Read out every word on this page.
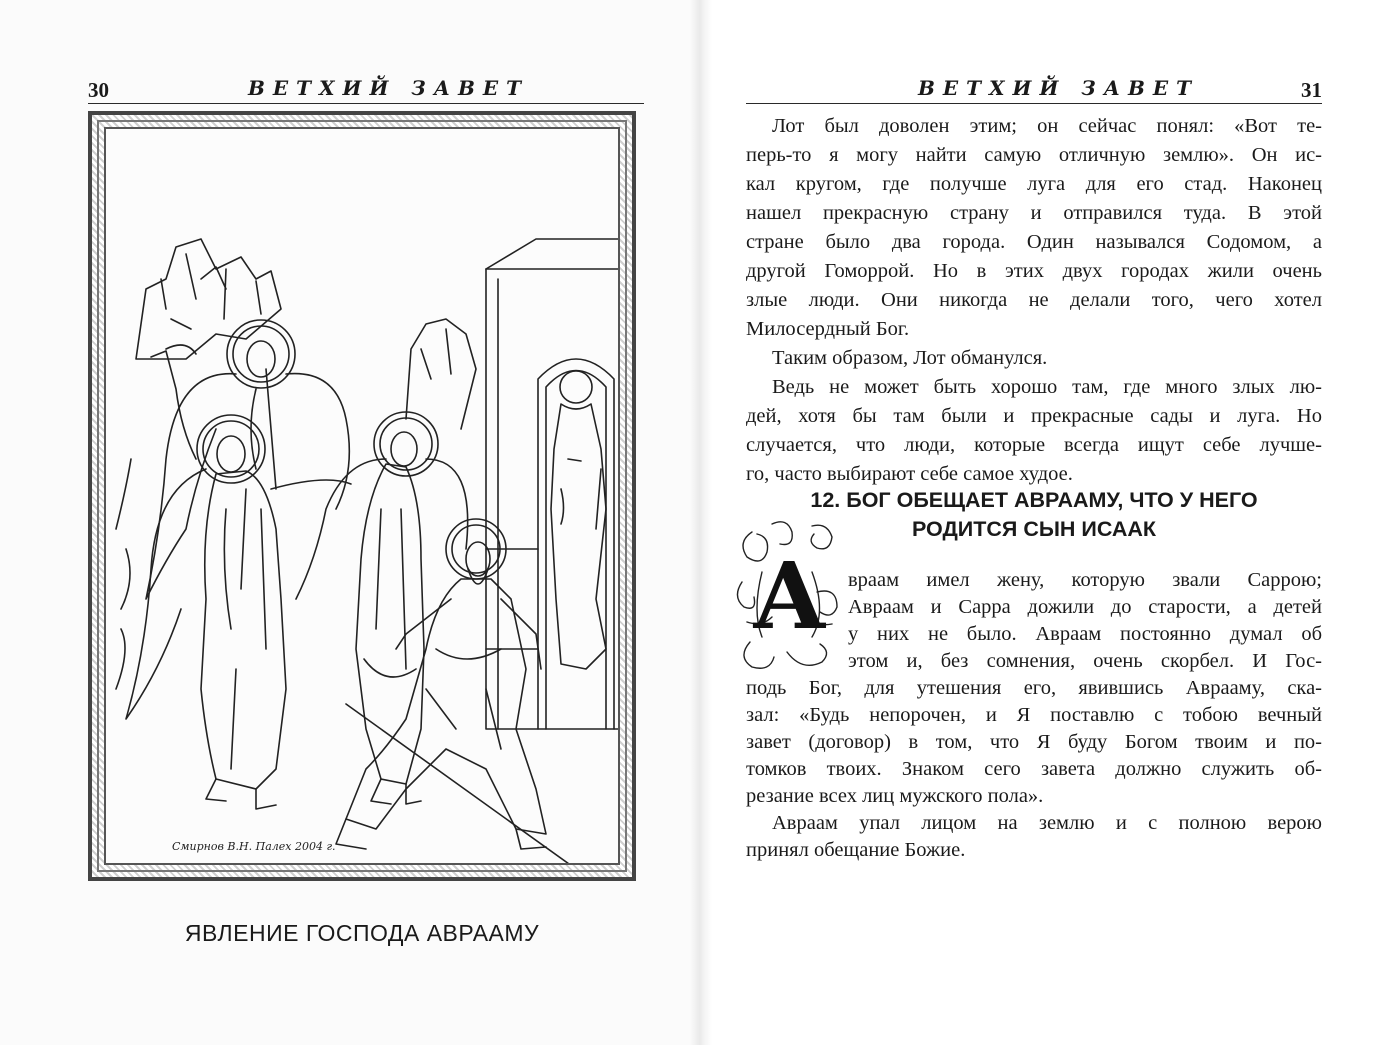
30	ВЕТХИЙ ЗАВЕТ
Смирнов В.Н. Палех 2004 г.
ЯВЛЕНИЕ ГОСПОДА АВРААМУ
ВЕТХИЙ ЗАВЕТ	31

Лот был доволен этим; он сейчас понял: «Вот те-

перь-то я могу найти самую отличную землю». Он ис-

кал кругом, где получше луга для его стад. Наконец

нашел прекрасную страну и отправился туда. В этой

стране было два города. Один назывался Содомом, а

другой Гоморрой. Но в этих двух городах жили очень

злые люди. Они никогда не делали того, чего хотел

Милосердный Бог.

Таким образом, Лот обманулся.

Ведь не может быть хорошо там, где много злых лю-

дей, хотя бы там были и прекрасные сады и луга. Но

случается, что люди, которые всегда ищут себе лучше-

го, часто выбирают себе самое худое.

12. БОГ ОБЕЩАЕТ АВРААМУ, ЧТО У НЕГО
РОДИТСЯ СЫН ИСААК
А враам имел жену, которую звали Саррою;

Авраам и Сарра дожили до старости, а детей

у них не было. Авраам постоянно думал об

этом и, без сомнения, очень скорбел. И Гос-

подь Бог, для утешения его, явившись Аврааму, ска-

зал: «Будь непорочен, и Я поставлю с тобою вечный

завет (договор) в том, что Я буду Богом твоим и по-

томков твоих. Знаком сего завета должно служить об-

резание всех лиц мужского пола».

Авраам упал лицом на землю и с полною верою

принял обещание Божие.
